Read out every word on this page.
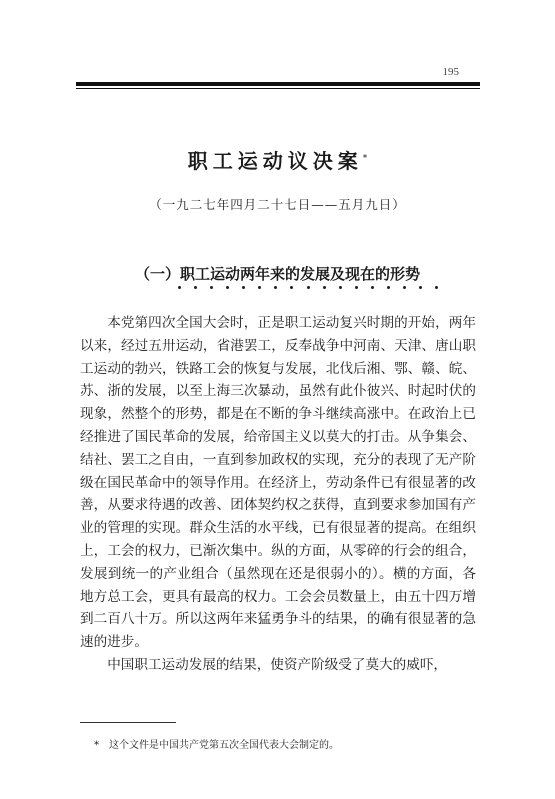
195
职工运动议决案*
（一九二七年四月二十七日——五月九日）
（一）职工运动两年来的发展及现在的形势

本党第四次全国大会时，正是职工运动复兴时期的开始，两年以来，经过五卅运动，省港罢工，反奉战争中河南、天津、唐山职工运动的勃兴，铁路工会的恢复与发展，北伐后湘、鄂、赣、皖、苏、浙的发展，以至上海三次暴动，虽然有此仆彼兴、时起时伏的现象，然整个的形势，都是在不断的争斗继续高涨中。在政治上已经推进了国民革命的发展，给帝国主义以莫大的打击。从争集会、结社、罢工之自由，一直到参加政权的实现，充分的表现了无产阶级在国民革命中的领导作用。在经济上，劳动条件已有很显著的改善，从要求待遇的改善、团体契约权之获得，直到要求参加国有产业的管理的实现。群众生活的水平线，已有很显著的提高。在组织上，工会的权力，已渐次集中。纵的方面，从零碎的行会的组合，发展到统一的产业组合（虽然现在还是很弱小的）。横的方面，各地方总工会，更具有最高的权力。工会会员数量上，由五十四万增到二百八十万。所以这两年来猛勇争斗的结果，的确有很显著的急速的进步。

中国职工运动发展的结果，使资产阶级受了莫大的威吓，

* 这个文件是中国共产党第五次全国代表大会制定的。
